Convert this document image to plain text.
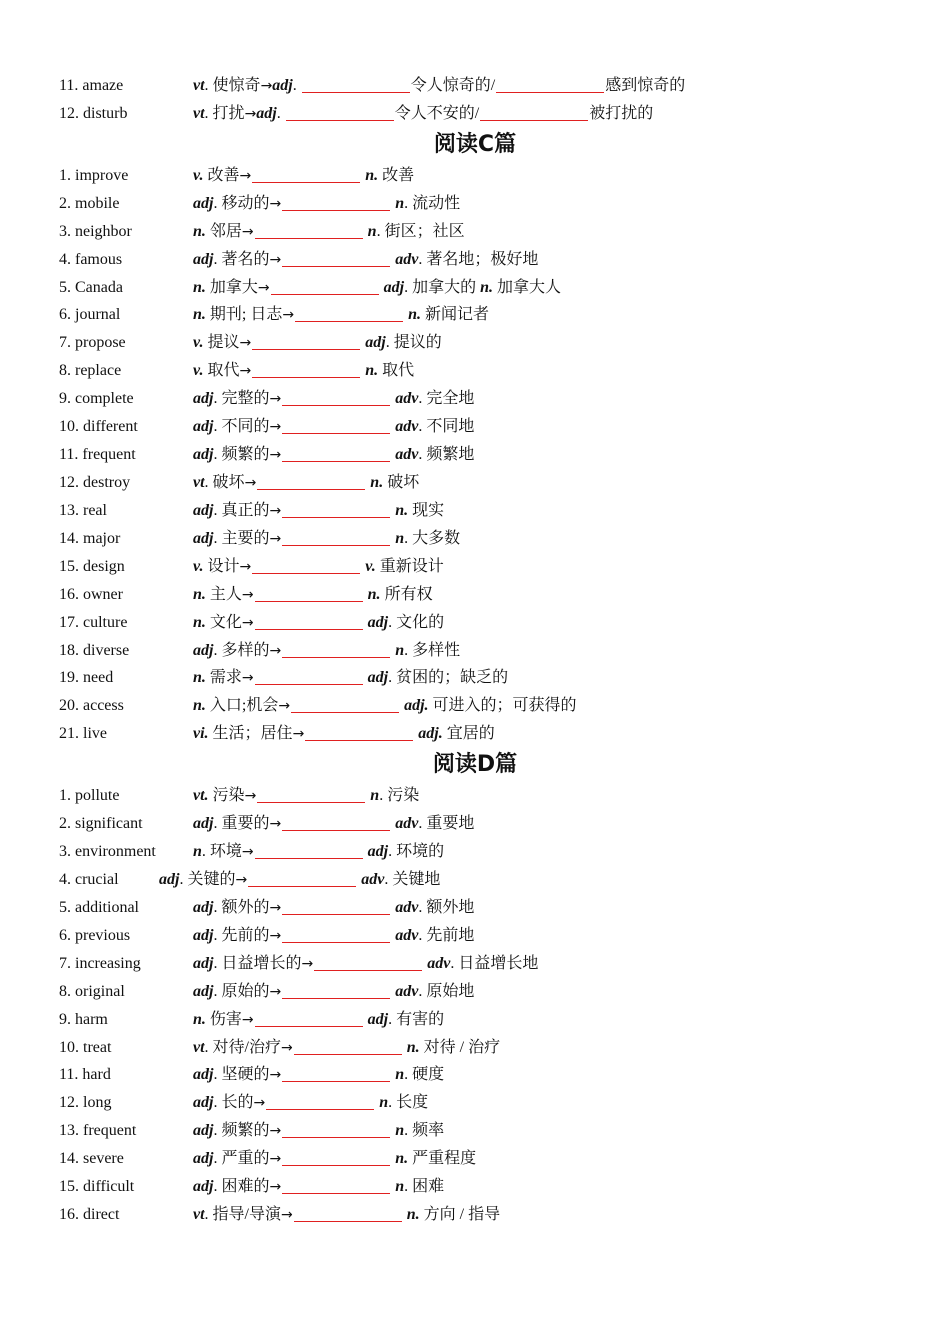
11. amaze	vt. 使惊奇→adj.	令人惊奇的/	感到惊奇的
12. disturb	vt. 打扰→adj.	令人不安的/	被打扰的
阅读C篇
1. improve	v. 改善→	n. 改善
2. mobile	adj. 移动的→	n. 流动性
3. neighbor	n. 邻居→	n. 街区；社区
4. famous	adj. 著名的→	adv. 著名地；极好地
5. Canada	n. 加拿大→	adj. 加拿大的 n. 加拿大人
6. journal	n. 期刊; 日志→	n. 新闻记者
7. propose	v. 提议→	adj. 提议的
8. replace	v. 取代→	n. 取代
9. complete	adj. 完整的→	adv. 完全地
10. different	adj. 不同的→	adv. 不同地
11. frequent	adj. 频繁的→	adv. 频繁地
12. destroy	vt. 破坏→	n. 破坏
13. real	adj. 真正的→	n. 现实
14. major	adj. 主要的→	n. 大多数
15. design	v. 设计→	v. 重新设计
16. owner	n. 主人→	n. 所有权
17. culture	n. 文化→	adj. 文化的
18. diverse	adj. 多样的→	n. 多样性
19. need	n. 需求→	adj. 贫困的；缺乏的
20. access	n. 入口;机会→	adj. 可进入的；可获得的
21. live	vi. 生活；居住→	adj. 宜居的
阅读D篇
1. pollute	vt. 污染→	n. 污染
2. significant	adj. 重要的→	adv. 重要地
3. environment n. 环境→	adj. 环境的
4. crucial	adj. 关键的→	adv. 关键地
5. additional	adj. 额外的→	adv. 额外地
6. previous	adj. 先前的→	adv. 先前地
7. increasing	adj. 日益增长的→	adv. 日益增长地
8. original	adj. 原始的→	adv. 原始地
9. harm	n. 伤害→	adj. 有害的
10. treat	vt. 对待/治疗→	n. 对待 / 治疗
11. hard	adj. 坚硬的→	n. 硬度
12. long	adj. 长的→	n. 长度
13. frequent	adj. 频繁的→	n. 频率
14. severe	adj. 严重的→	n. 严重程度
15. difficult	adj. 困难的→	n. 困难
16. direct	vt. 指导/导演→	n. 方向 / 指导
